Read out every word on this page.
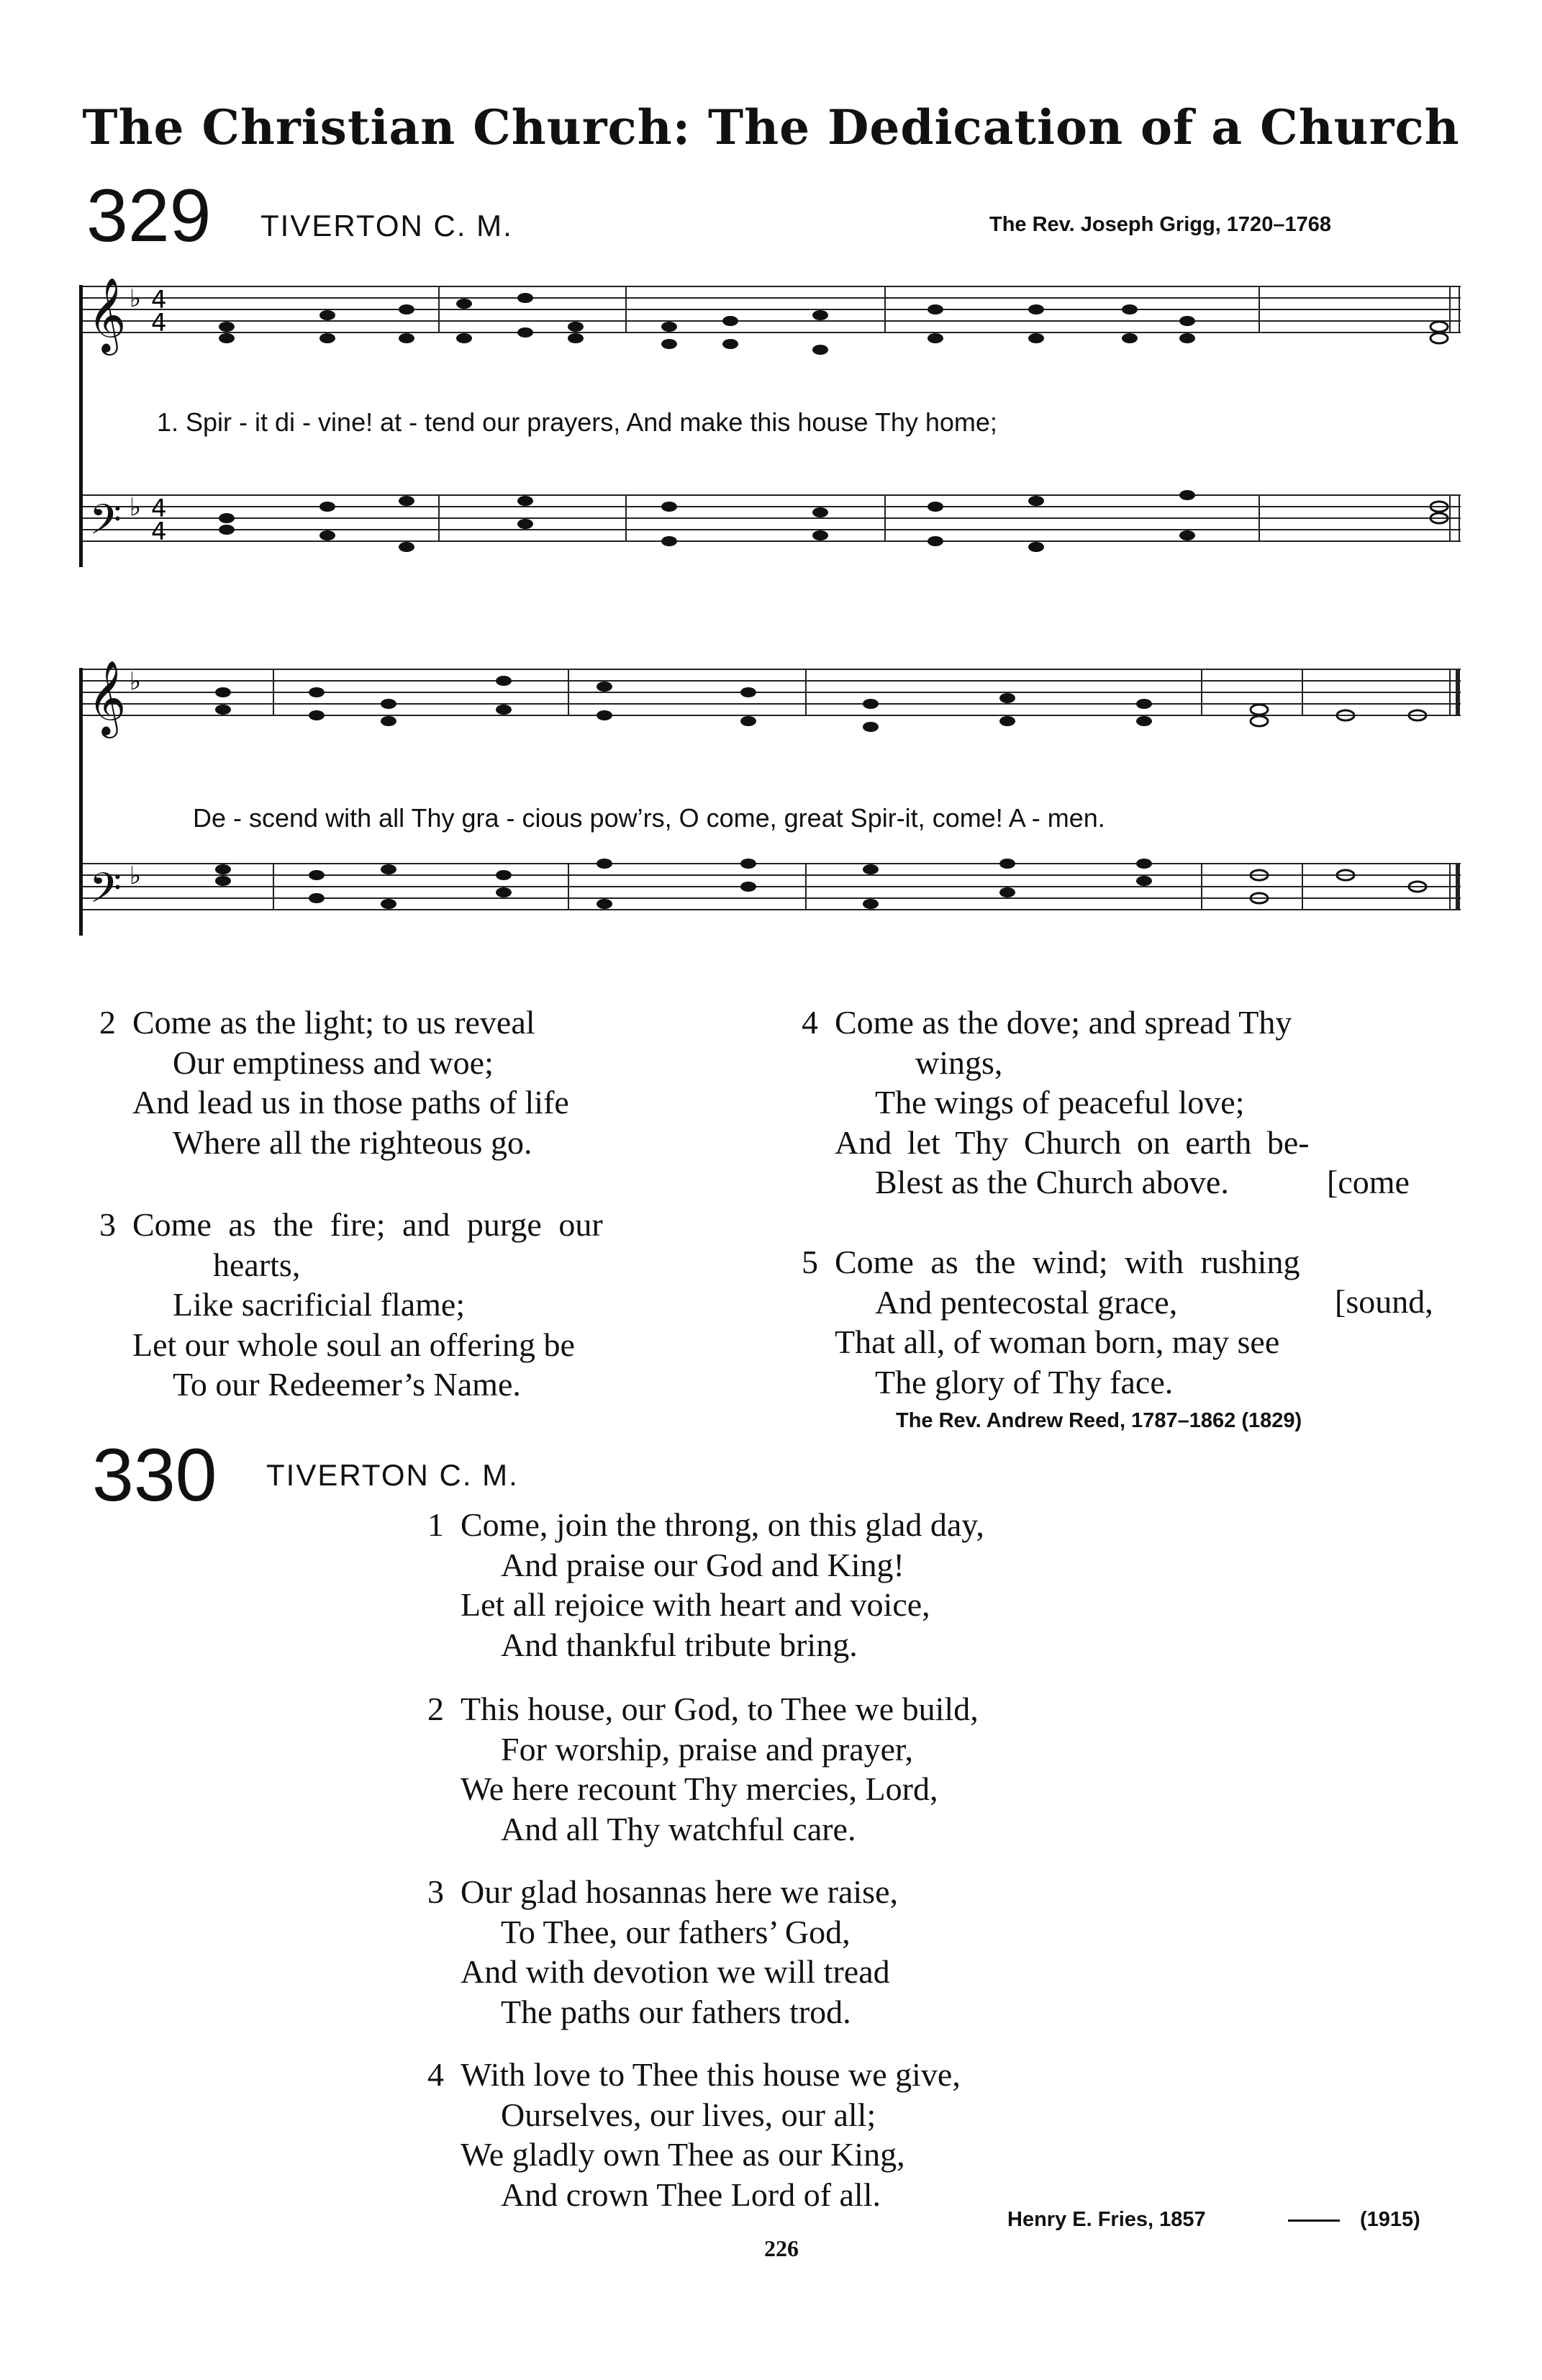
The Christian Church: The Dedication of a Church
329 TIVERTON C. M.	The Rev. Joseph Grigg, 1720–1768
𝄞
𝄢
♭ 4
4
♭ 4
4
1. Spir - it di - vine! at - tend our prayers, And make this house Thy home;
𝄞
𝄢
♭
♭
De - scend with all Thy gra - cious pow’rs, O come, great Spir-it, come! A - men.
2 Come as the light; to us reveal
Our emptiness and woe;
And lead us in those paths of life
Where all the righteous go.
3 Come as the fire; and purge our
hearts,
Like sacrificial flame;
Let our whole soul an offering be
To our Redeemer’s Name.
4 Come as the dove; and spread Thy
wings,
The wings of peaceful love;
And let Thy Church on earth be-
Blest as the Church above.	[come
5 Come as the wind; with rushing
And pentecostal grace,	[sound,
That all, of woman born, may see
The glory of Thy face.
The Rev. Andrew Reed, 1787–1862 (1829)
330 TIVERTON C. M.
1 Come, join the throng, on this glad day,
And praise our God and King!
Let all rejoice with heart and voice,
And thankful tribute bring.
2 This house, our God, to Thee we build,
For worship, praise and prayer,
We here recount Thy mercies, Lord,
And all Thy watchful care.
3 Our glad hosannas here we raise,
To Thee, our fathers’ God,
And with devotion we will tread
The paths our fathers trod.
4 With love to Thee this house we give,
Ourselves, our lives, our all;
We gladly own Thee as our King,
And crown Thee Lord of all.
Henry E. Fries, 1857	(1915)
226
